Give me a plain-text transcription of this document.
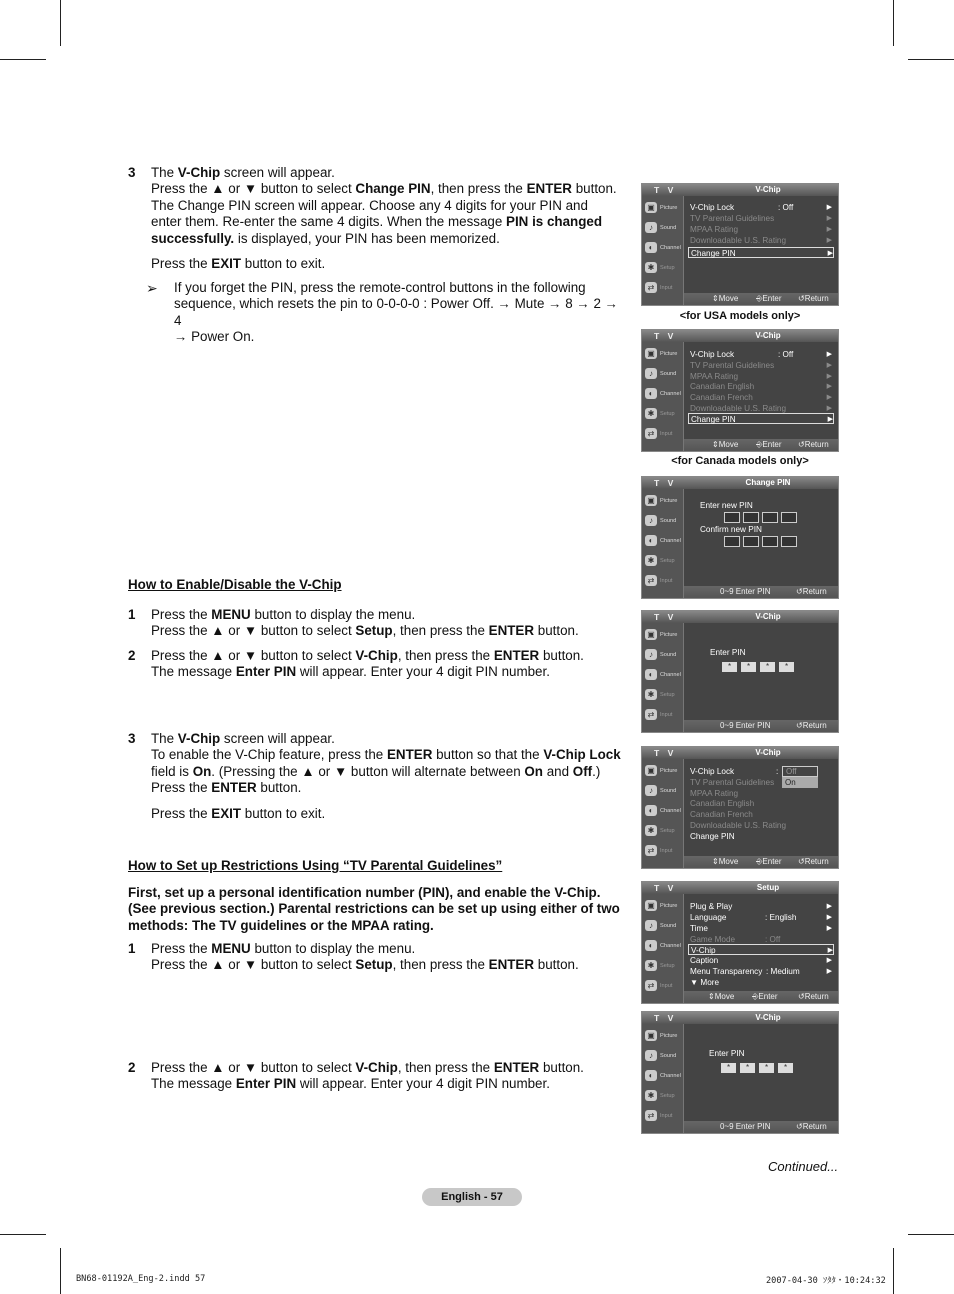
3 The V-Chip screen will appear.

Press the ▲ or ▼ button to select Change PIN, then press the ENTER button.

The Change PIN screen will appear. Choose any 4 digits for your PIN and

enter them. Re-enter the same 4 digits. When the message PIN is changed

successfully. is displayed, your PIN has been memorized.

Press the EXIT button to exit.

➢ If you forget the PIN, press the remote-control buttons in the following

sequence, which resets the pin to 0-0-0-0 : Power Off. → Mute → 8 → 2 → 4

→ Power On.

How to Enable/Disable the V-Chip
1 Press the MENU button to display the menu.

Press the ▲ or ▼ button to select Setup, then press the ENTER button.

2 Press the ▲ or ▼ button to select V-Chip, then press the ENTER button.

The message Enter PIN will appear. Enter your 4 digit PIN number.

3 The V-Chip screen will appear.

To enable the V-Chip feature, press the ENTER button so that the V-Chip Lock

field is On. (Pressing the ▲ or ▼ button will alternate between On and Off.)

Press the ENTER button.

Press the EXIT button to exit.

How to Set up Restrictions Using “TV Parental Guidelines”

First, set up a personal identification number (PIN), and enable the V-Chip.

(See previous section.) Parental restrictions can be set up using either of two

methods: The TV guidelines or the MPAA rating.

1 Press the MENU button to display the menu.

Press the ▲ or ▼ button to select Setup, then press the ENTER button.

2 Press the ▲ or ▼ button to select V-Chip, then press the ENTER button.

The message Enter PIN will appear. Enter your 4 digit PIN number.

T V	V-Chip
▣ Picture
♪	Sound
◐	Channel
✱	Setup
⇄	Input
V-Chip Lock	: Off	▶
TV Parental Guidelines	▶
MPAA Rating	▶
Downloadable U.S. Rating	▶
Change PIN	▶
⇕ Move ⎆ Enter ↺ Return
<for USA models only>
T V	V-Chip
▣ Picture
♪	Sound
◐	Channel
✱	Setup
⇄	Input
V-Chip Lock	: Off	▶
TV Parental Guidelines	▶
MPAA Rating	▶
Canadian English	▶
Canadian French	▶
Downloadable U.S. Rating	▶
Change PIN	▶
⇕ Move ⎆ Enter ↺ Return
<for Canada models only>
T V	Change PIN
▣ Picture
♪	Sound
◐	Channel
✱	Setup
⇄	Input
Enter new PIN
Confirm new PIN
0~9 Enter PIN	↺ Return
T V	V-Chip
▣ Picture
♪	Sound
◐	Channel
✱	Setup
⇄	Input
Enter PIN
*	*	*	*
0~9 Enter PIN	↺ Return
T V	V-Chip
▣ Picture
♪	Sound
◐	Channel
✱	Setup
⇄	Input
V-Chip Lock	: Off
On
TV Parental Guidelines
MPAA Rating
Canadian English
Canadian French
Downloadable U.S. Rating
Change PIN
⇕ Move ⎆ Enter ↺ Return
T V	Setup
▣ Picture
♪	Sound
◐	Channel
✱	Setup
⇄	Input
Plug & Play	▶
Language	: English	▶
Time	▶
Game Mode	: Off
V-Chip	▶
Caption	▶
Menu Transparency : Medium	▶
▼ More
⇕ Move ⎆ Enter	↺ Return
T V	V-Chip
▣ Picture
♪	Sound
◐	Channel
✱	Setup
⇄	Input
Enter PIN
*	*	*	*
0~9 Enter PIN	↺ Return
Continued...
English - 57
BN68-01192A_Eng-2.indd 57	2007-04-30 ｿﾀﾀ・10:24:32
